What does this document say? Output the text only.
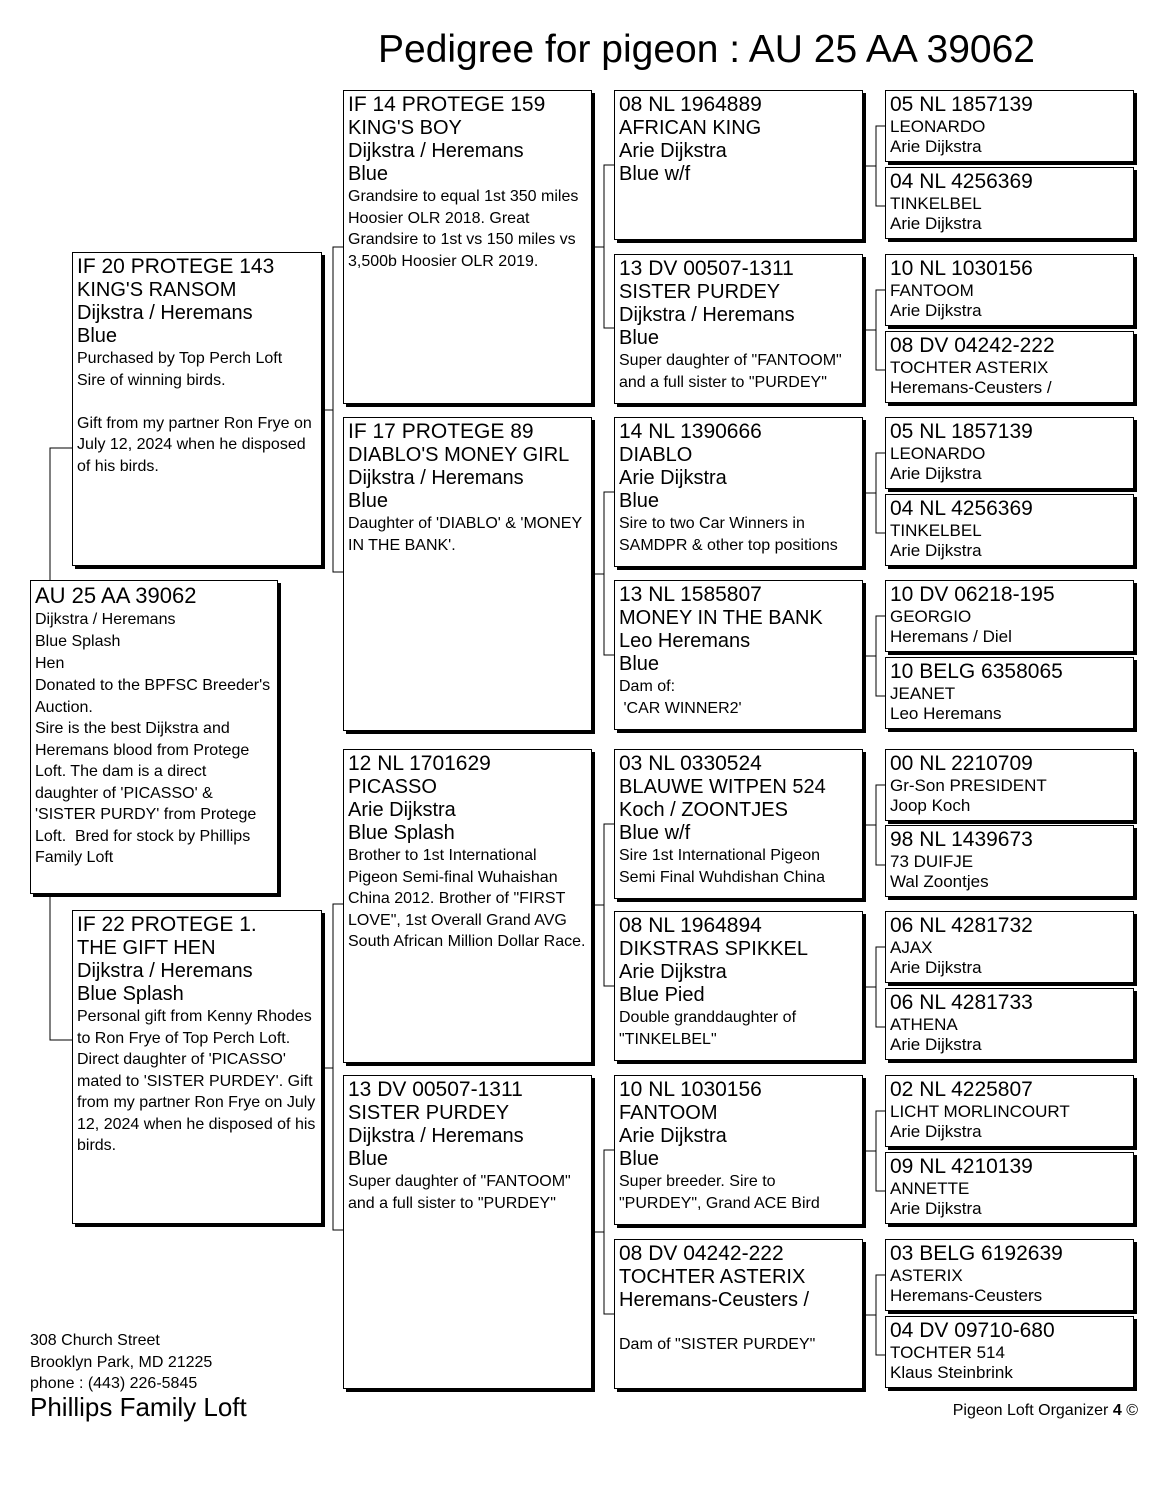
Pedigree for pigeon : AU 25 AA 39062
AU 25 AA 39062
Dijkstra / Heremans
Blue Splash
Hen
Donated to the BPFSC Breeder's Auction.
Sire is the best Dijkstra and Heremans blood from Protege Loft. The dam is a direct daughter of 'PICASSO' & 'SISTER PURDY' from Protege Loft.  Bred for stock by Phillips Family Loft
IF 20 PROTEGE 143
KING'S RANSOM
Dijkstra / Heremans
Blue
Purchased by Top Perch Loft
Sire of winning birds.

Gift from my partner Ron Frye on July 12, 2024 when he disposed of his birds.
IF 22 PROTEGE 1.
THE GIFT HEN
Dijkstra / Heremans
Blue Splash
Personal gift from Kenny Rhodes to Ron Frye of Top Perch Loft. Direct daughter of 'PICASSO' mated to 'SISTER PURDEY'. Gift from my partner Ron Frye on July 12, 2024 when he disposed of his birds.
IF 14 PROTEGE 159
KING'S BOY
Dijkstra / Heremans
Blue
Grandsire to equal 1st 350 miles Hoosier OLR 2018. Great Grandsire to 1st vs 150 miles vs 3,500b Hoosier OLR 2019.
IF 17 PROTEGE 89
DIABLO'S MONEY GIRL
Dijkstra / Heremans
Blue
Daughter of 'DIABLO' & 'MONEY IN THE BANK'.
12 NL 1701629
PICASSO
Arie Dijkstra
Blue Splash
Brother to 1st International Pigeon Semi-final Wuhaishan China 2012. Brother of "FIRST LOVE", 1st Overall Grand AVG South African Million Dollar Race.
13 DV 00507-1311
SISTER PURDEY
Dijkstra / Heremans
Blue
Super daughter of "FANTOOM" and a full sister to "PURDEY"
08 NL 1964889
AFRICAN KING
Arie Dijkstra
Blue w/f
13 DV 00507-1311
SISTER PURDEY
Dijkstra / Heremans
Blue
Super daughter of "FANTOOM" and a full sister to "PURDEY"
14 NL 1390666
DIABLO
Arie Dijkstra
Blue
Sire to two Car Winners in SAMDPR & other top positions
13 NL 1585807
MONEY IN THE BANK
Leo Heremans
Blue
Dam of:
'CAR WINNER2'
03 NL 0330524
BLAUWE WITPEN 524
Koch / ZOONTJES
Blue w/f
Sire 1st International Pigeon Semi Final Wuhdishan China
08 NL 1964894
DIKSTRAS SPIKKEL
Arie Dijkstra
Blue Pied
Double granddaughter of "TINKELBEL"
10 NL 1030156
FANTOOM
Arie Dijkstra
Blue
Super breeder. Sire to "PURDEY", Grand ACE Bird
08 DV 04242-222
TOCHTER ASTERIX
Heremans-Ceusters /

Dam of "SISTER PURDEY"
05 NL 1857139
LEONARDO
Arie Dijkstra
04 NL 4256369
TINKELBEL
Arie Dijkstra
10 NL 1030156
FANTOOM
Arie Dijkstra
08 DV 04242-222
TOCHTER ASTERIX
Heremans-Ceusters /
05 NL 1857139
LEONARDO
Arie Dijkstra
04 NL 4256369
TINKELBEL
Arie Dijkstra
10 DV 06218-195
GEORGIO
Heremans / Diel
10 BELG 6358065
JEANET
Leo Heremans
00 NL 2210709
Gr-Son PRESIDENT
Joop Koch
98 NL 1439673
73 DUIFJE
Wal Zoontjes
06 NL 4281732
AJAX
Arie Dijkstra
06 NL 4281733
ATHENA
Arie Dijkstra
02 NL 4225807
LICHT MORLINCOURT
Arie Dijkstra
09 NL 4210139
ANNETTE
Arie Dijkstra
03 BELG 6192639
ASTERIX
Heremans-Ceusters
04 DV 09710-680
TOCHTER 514
Klaus Steinbrink
308 Church Street
Brooklyn Park, MD 21225
phone : (443) 226-5845
Phillips Family Loft	Pigeon Loft Organizer 4 ©
